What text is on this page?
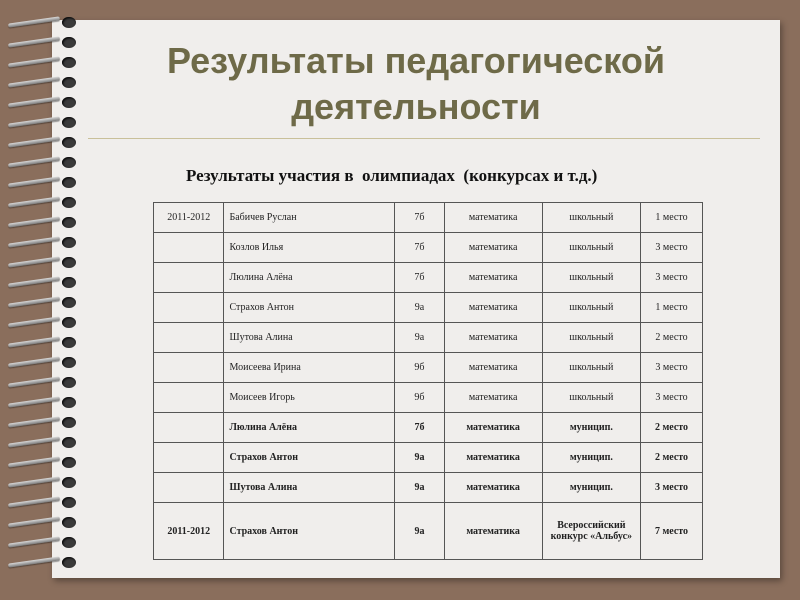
Результаты педагогической
деятельности
Результаты участия в  олимпиадах  (конкурсах и т.д.)
2011-2012	Бабичев Руслан	7б	математика	школьный	1 место
	Козлов Илья	7б	математика	школьный	3 место
	Люлина Алёна	7б	математика	школьный	3 место
	Страхов Антон	9а	математика	школьный	1 место
	Шутова Алина	9а	математика	школьный	2 место
	Моисеева Ирина	9б	математика	школьный	3 место
	Моисеев Игорь	9б	математика	школьный	3 место
	Люлина Алёна	7б	математика	муницип.	2 место
	Страхов Антон	9а	математика	муницип.	2 место
	Шутова Алина	9а	математика	муницип.	3 место
2011-2012	Страхов Антон	9а	математика	Всероссийский конкурс «Альбус»	7 место
